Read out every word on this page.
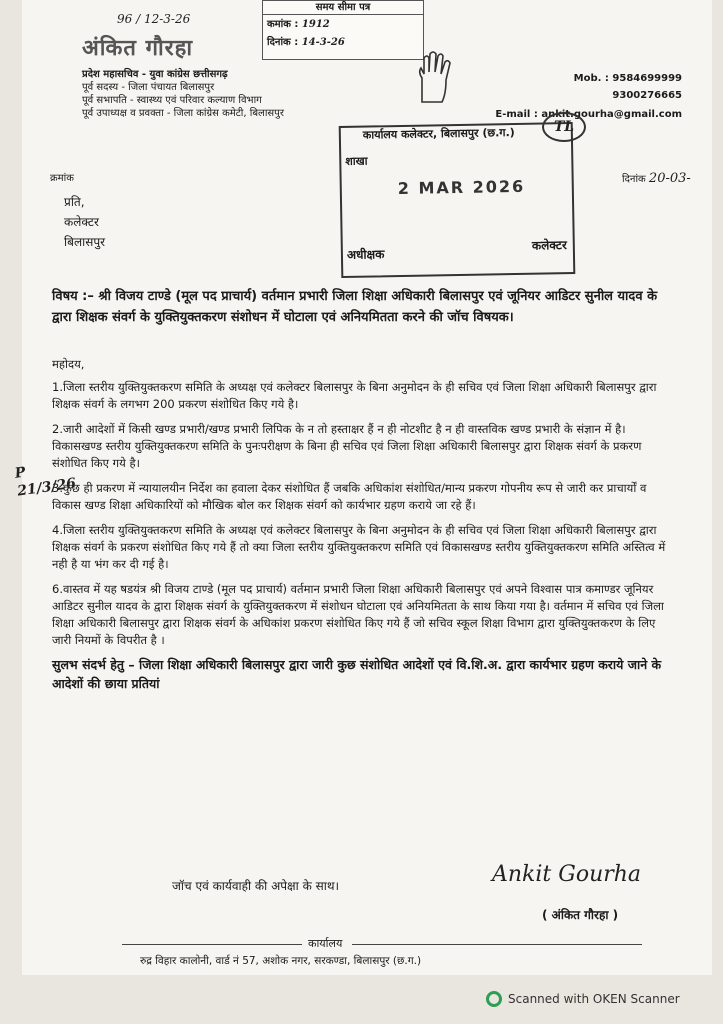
96 / 12-3-26
समय सीमा पत्र
कमांक : 1912
दिनांक : 14-3-26
अंकित गौरहा
प्रदेश महासचिव - युवा कांग्रेस छत्तीसगढ़
पूर्व सदस्य - जिला पंचायत बिलासपुर
पूर्व सभापति - स्वास्थ्य एवं परिवार कल्याण विभाग
पूर्व उपाध्यक्ष व प्रवक्ता - जिला कांग्रेस कमेटी, बिलासपुर
Mob. : 9584699999
9300276665
E-mail : ankit.gourha@gmail.com
कार्यालय कलेक्टर, बिलासपुर (छ.ग.)
शाखा
2 MAR 2026
अधीक्षक
कलेक्टर
TL
क्रमांक	दिनांक 20-03-
प्रति,
कलेक्टर
बिलासपुर
विषय :– श्री विजय टाण्डे (मूल पद प्राचार्य) वर्तमान प्रभारी जिला शिक्षा अधिकारी बिलासपुर एवं जूनियर आडिटर सुनील यादव के द्वारा शिक्षक संवर्ग के युक्तियुक्तकरण संशोधन में घोटाला एवं अनियमितता करने की जॉच विषयक।
महोदय,
1.जिला स्तरीय युक्तियुक्तकरण समिति के अध्यक्ष एवं कलेक्टर बिलासपुर के बिना अनुमोदन के ही सचिव एवं जिला शिक्षा अधिकारी बिलासपुर द्वारा शिक्षक संवर्ग के लगभग 200 प्रकरण संशोधित किए गये है।
2.जारी आदेशों में किसी खण्ड प्रभारी/खण्ड प्रभारी लिपिक के न तो हस्ताक्षर हैं न ही नोटशीट है न ही वास्तविक खण्ड प्रभारी के संज्ञान में है। विकासखण्ड स्तरीय युक्तियुक्तकरण समिति के पुनःपरीक्षण के बिना ही सचिव एवं जिला शिक्षा अधिकारी बिलासपुर द्वारा शिक्षक संवर्ग के प्रकरण संशोधित किए गये है।
3.कुछ ही प्रकरण में न्यायालयीन निर्देश का हवाला देकर संशोधित हैं जबकि अधिकांश संशोधित/मान्य प्रकरण गोपनीय रूप से जारी कर प्राचार्यों व विकास खण्ड शिक्षा अधिकारियों को मौखिक बोल कर शिक्षक संवर्ग को कार्यभार ग्रहण कराये जा रहे हैं।
4.जिला स्तरीय युक्तियुक्तकरण समिति के अध्यक्ष एवं कलेक्टर बिलासपुर के बिना अनुमोदन के ही सचिव एवं जिला शिक्षा अधिकारी बिलासपुर द्वारा शिक्षक संवर्ग के प्रकरण संशोधित किए गये हैं तो क्या जिला स्तरीय युक्तियुक्तकरण समिति एवं विकासखण्ड स्तरीय युक्तियुक्तकरण समिति अस्तित्व में नही है या भंग कर दी गई है।
6.वास्तव में यह षडयंत्र श्री विजय टाण्डे (मूल पद प्राचार्य) वर्तमान प्रभारी जिला शिक्षा अधिकारी बिलासपुर एवं अपने विश्वास पात्र कमाण्डर जूनियर आडिटर सुनील यादव के द्वारा शिक्षक संवर्ग के युक्तियुक्तकरण में संशोधन घोटाला एवं अनियमितता के साथ किया गया है। वर्तमान में सचिव एवं जिला शिक्षा अधिकारी बिलासपुर द्वारा शिक्षक संवर्ग के अधिकांश प्रकरण संशोधित किए गये हैं जो सचिव स्कूल शिक्षा विभाग द्वारा युक्तियुक्तकरण के लिए जारी नियमों के विपरीत है ।
सुलभ संदर्भ हेतु – जिला शिक्षा अधिकारी बिलासपुर द्वारा जारी कुछ संशोधित आदेशों एवं वि.शि.अ. द्वारा कार्यभार ग्रहण कराये जाने के आदेशों की छाया प्रतियां
P 21/3/26
जॉच एवं कार्यवाही की अपेक्षा के साथ।	Ankit Gourha
( अंकित गौरहा )
कार्यालय
रुद्र विहार कालोनी, वार्ड नं 57, अशोक नगर, सरकण्डा, बिलासपुर (छ.ग.)
Scanned with OKEN Scanner
